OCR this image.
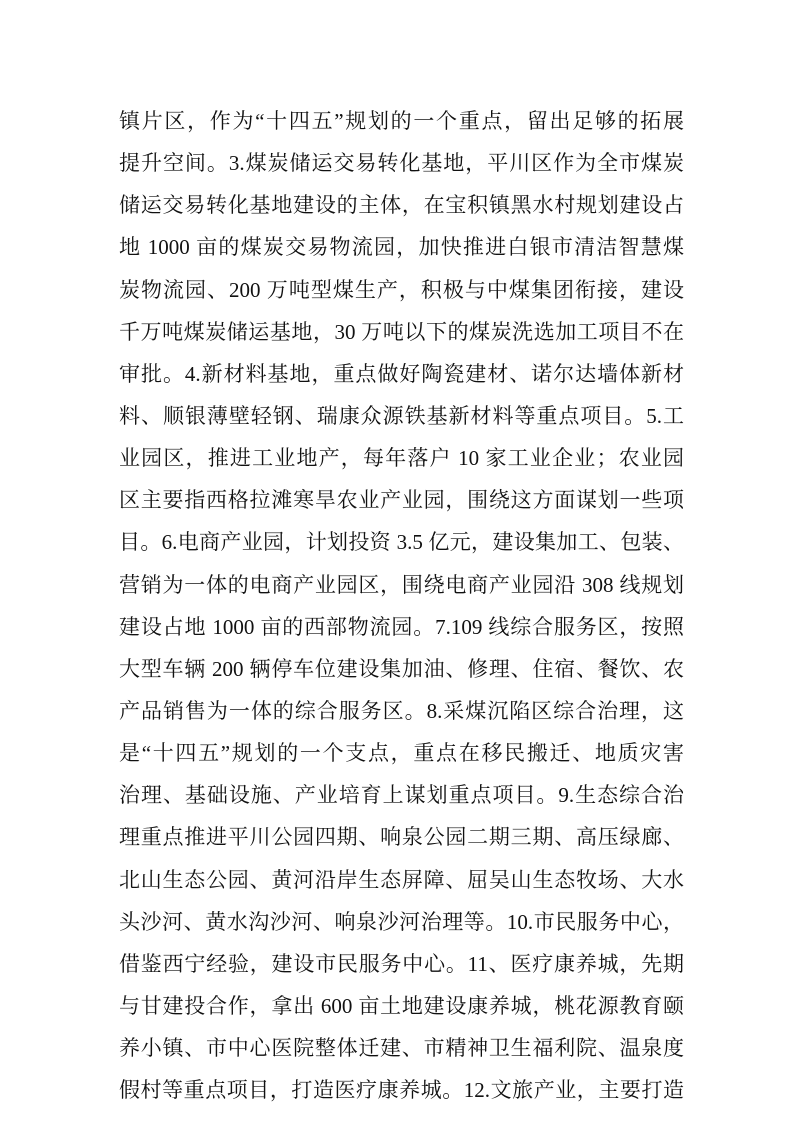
镇片区，作为“十四五”规划的一个重点，留出足够的拓展
提升空间。3.煤炭储运交易转化基地，平川区作为全市煤炭
储运交易转化基地建设的主体，在宝积镇黑水村规划建设占
地 1000 亩的煤炭交易物流园，加快推进白银市清洁智慧煤
炭物流园、200 万吨型煤生产，积极与中煤集团衔接，建设
千万吨煤炭储运基地，30 万吨以下的煤炭洗选加工项目不在
审批。4.新材料基地，重点做好陶瓷建材、诺尔达墙体新材
料、顺银薄壁轻钢、瑞康众源铁基新材料等重点项目。5.工
业园区，推进工业地产，每年落户 10 家工业企业；农业园
区主要指西格拉滩寒旱农业产业园，围绕这方面谋划一些项
目。6.电商产业园，计划投资 3.5 亿元，建设集加工、包装、
营销为一体的电商产业园区，围绕电商产业园沿 308 线规划
建设占地 1000 亩的西部物流园。7.109 线综合服务区，按照
大型车辆 200 辆停车位建设集加油、修理、住宿、餐饮、农
产品销售为一体的综合服务区。8.采煤沉陷区综合治理，这
是“十四五”规划的一个支点，重点在移民搬迁、地质灾害
治理、基础设施、产业培育上谋划重点项目。9.生态综合治
理重点推进平川公园四期、响泉公园二期三期、高压绿廊、
北山生态公园、黄河沿岸生态屏障、屈吴山生态牧场、大水
头沙河、黄水沟沙河、响泉沙河治理等。10.市民服务中心，
借鉴西宁经验，建设市民服务中心。11、医疗康养城，先期
与甘建投合作，拿出 600 亩土地建设康养城，桃花源教育颐
养小镇、市中心医院整体迁建、市精神卫生福利院、温泉度
假村等重点项目，打造医疗康养城。12.文旅产业，主要打造
